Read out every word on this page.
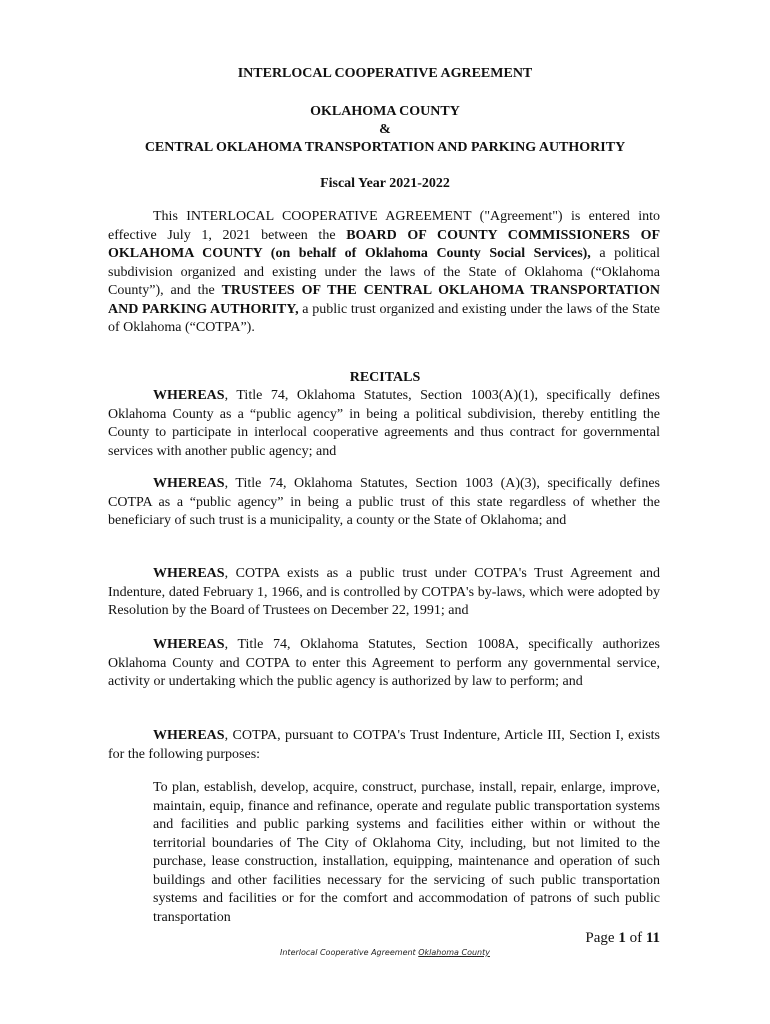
INTERLOCAL COOPERATIVE AGREEMENT

OKLAHOMA COUNTY

&

CENTRAL OKLAHOMA TRANSPORTATION AND PARKING AUTHORITY

Fiscal Year 2021-2022

This INTERLOCAL COOPERATIVE AGREEMENT ("Agreement") is entered into effective July 1, 2021 between the BOARD OF COUNTY COMMISSIONERS OF OKLAHOMA COUNTY (on behalf of Oklahoma County Social Services), a political subdivision organized and existing under the laws of the State of Oklahoma (“Oklahoma County”), and the TRUSTEES OF THE CENTRAL OKLAHOMA TRANSPORTATION AND PARKING AUTHORITY, a public trust organized and existing under the laws of the State of Oklahoma (“COTPA”).

RECITALS

WHEREAS, Title 74, Oklahoma Statutes, Section 1003(A)(1), specifically defines Oklahoma County as a “public agency” in being a political subdivision, thereby entitling the County to participate in interlocal cooperative agreements and thus contract for governmental services with another public agency; and

WHEREAS, Title 74, Oklahoma Statutes, Section 1003 (A)(3), specifically defines COTPA as a “public agency” in being a public trust of this state regardless of whether the beneficiary of such trust is a municipality, a county or the State of Oklahoma; and

WHEREAS, COTPA exists as a public trust under COTPA's Trust Agreement and Indenture, dated February 1, 1966, and is controlled by COTPA's by-laws, which were adopted by Resolution by the Board of Trustees on December 22, 1991; and

WHEREAS, Title 74, Oklahoma Statutes, Section 1008A, specifically authorizes Oklahoma County and COTPA to enter this Agreement to perform any governmental service, activity or undertaking which the public agency is authorized by law to perform; and

WHEREAS, COTPA, pursuant to COTPA's Trust Indenture, Article III, Section I, exists for the following purposes:

To plan, establish, develop, acquire, construct, purchase, install, repair, enlarge, improve, maintain, equip, finance and refinance, operate and regulate public transportation systems and facilities and public parking systems and facilities either within or without the territorial boundaries of The City of Oklahoma City, including, but not limited to the purchase, lease construction, installation, equipping, maintenance and operation of such buildings and other facilities necessary for the servicing of such public transportation systems and facilities or for the comfort and accommodation of patrons of such public transportation

Page 1 of 11
Interlocal Cooperative Agreement Oklahoma County
